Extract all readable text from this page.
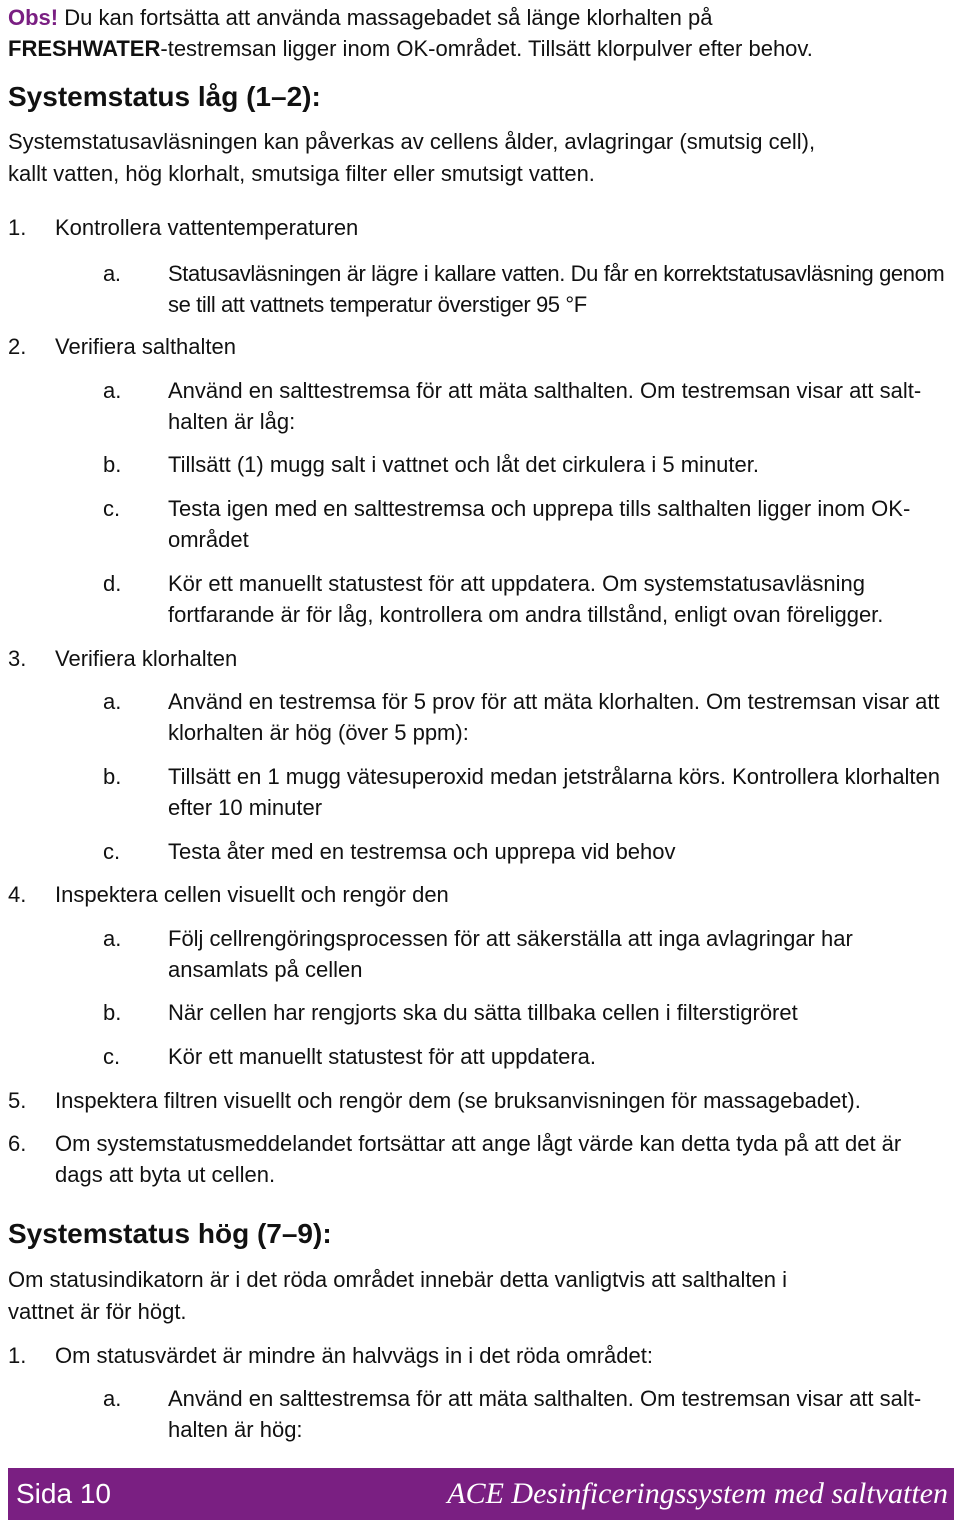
Obs! Du kan fortsätta att använda massagebadet så länge klorhalten på
FRESHWATER-testremsan ligger inom OK-området. Tillsätt klorpulver efter behov.
Systemstatus låg (1–2):
Systemstatusavläsningen kan påverkas av cellens ålder, avlagringar (smutsig cell),
kallt vatten, hög klorhalt, smutsiga filter eller smutsigt vatten.
1.	Kontrollera vattentemperaturen
a.	Statusavläsningen är lägre i kallare vatten. Du får en korrektstatusavläsning genom se till att vattnets temperatur överstiger 95 °F
2.	Verifiera salthalten
a.	Använd en salttestremsa för att mäta salthalten. Om testremsan visar att salt-halten är låg:
b.	Tillsätt (1) mugg salt i vattnet och låt det cirkulera i 5 minuter.
c.	Testa igen med en salttestremsa och upprepa tills salthalten ligger inom OK-området
d.	Kör ett manuellt statustest för att uppdatera. Om systemstatusavläsning fortfarande är för låg, kontrollera om andra tillstånd, enligt ovan föreligger.
3.	Verifiera klorhalten
a.	Använd en testremsa för 5 prov för att mäta klorhalten. Om testremsan visar att klorhalten är hög (över 5 ppm):
b.	Tillsätt en 1 mugg vätesuperoxid medan jetstrålarna körs. Kontrollera klorhalten efter 10 minuter
c.	Testa åter med en testremsa och upprepa vid behov
4.	Inspektera cellen visuellt och rengör den
a.	Följ cellrengöringsprocessen för att säkerställa att inga avlagringar har ansamlats på cellen
b.	När cellen har rengjorts ska du sätta tillbaka cellen i filterstigröret
c.	Kör ett manuellt statustest för att uppdatera.
5.	Inspektera filtren visuellt och rengör dem (se bruksanvisningen för massagebadet).
6.	Om systemstatusmeddelandet fortsättar att ange lågt värde kan detta tyda på att det är dags att byta ut cellen.
Systemstatus hög (7–9):
Om statusindikatorn är i det röda området innebär detta vanligtvis att salthalten i
vattnet är för högt.
1.	Om statusvärdet är mindre än halvvägs in i det röda området:
a.	Använd en salttestremsa för att mäta salthalten. Om testremsan visar att salt-halten är hög:
Sida 10	ACE Desinficeringssystem med saltvatten
